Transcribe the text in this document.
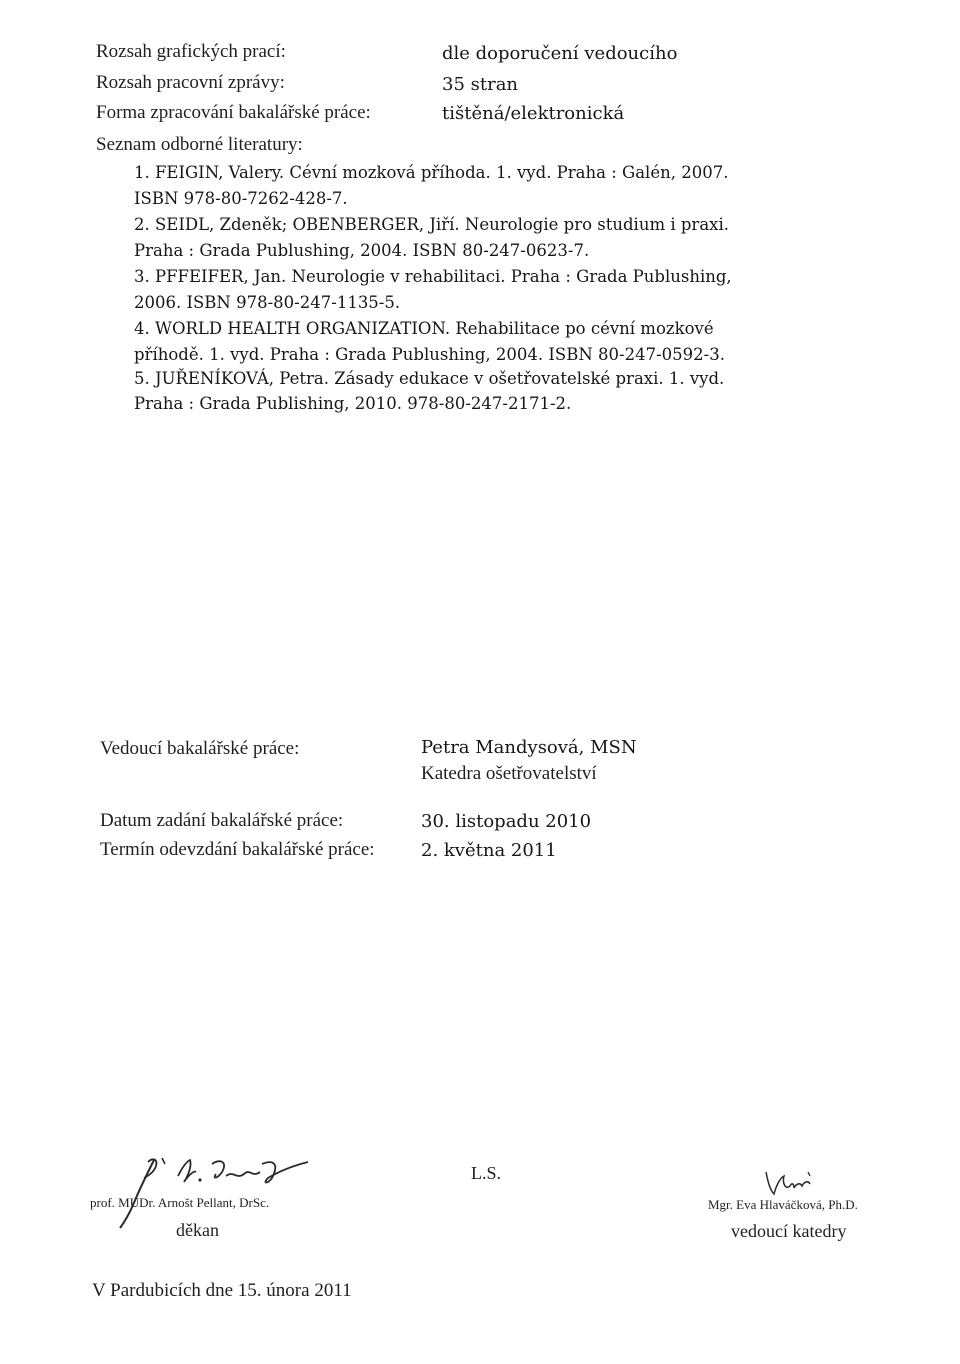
Rozsah grafických prací:	dle doporučení vedoucího
Rozsah pracovní zprávy:	35 stran
Forma zpracování bakalářské práce:	tištěná/elektronická
Seznam odborné literatury:
1. FEIGIN, Valery. Cévní mozková příhoda. 1. vyd. Praha : Galén, 2007.
ISBN 978-80-7262-428-7.
2. SEIDL, Zdeněk; OBENBERGER, Jiří. Neurologie pro studium i praxi.
Praha : Grada Publushing, 2004. ISBN 80-247-0623-7.
3. PFFEIFER, Jan. Neurologie v rehabilitaci. Praha : Grada Publushing,
2006. ISBN 978-80-247-1135-5.
4. WORLD HEALTH ORGANIZATION. Rehabilitace po cévní mozkové
příhodě. 1. vyd. Praha : Grada Publushing, 2004. ISBN 80-247-0592-3.
5. JUŘENÍKOVÁ, Petra. Zásady edukace v ošetřovatelské praxi. 1. vyd.
Praha : Grada Publishing, 2010. 978-80-247-2171-2.
Vedoucí bakalářské práce:	Petra Mandysová, MSN
Katedra ošetřovatelství
Datum zadání bakalářské práce:	30. listopadu 2010
Termín odevzdání bakalářské práce:	2. května 2011
prof. MUDr. Arnošt Pellant, DrSc.
děkan
L.S.
Mgr. Eva Hlaváčková, Ph.D.
vedoucí katedry
V Pardubicích dne 15. února 2011
